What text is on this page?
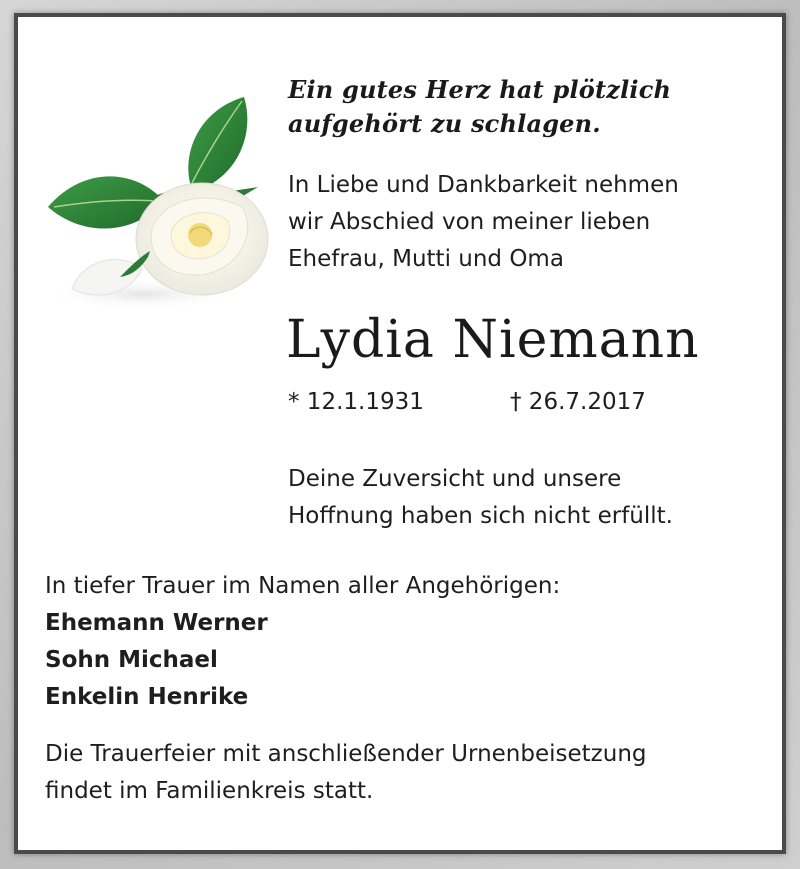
Ein gutes Herz hat plötzlich
aufgehört zu schlagen.
In Liebe und Dankbarkeit nehmen
wir Abschied von meiner lieben
Ehefrau, Mutti und Oma
Lydia Niemann
* 12.1.1931	† 26.7.2017
Deine Zuversicht und unsere
Hoffnung haben sich nicht erfüllt.
In tiefer Trauer im Namen aller Angehörigen:
Ehemann Werner
Sohn Michael
Enkelin Henrike
Die Trauerfeier mit anschließender Urnenbeisetzung
findet im Familienkreis statt.
